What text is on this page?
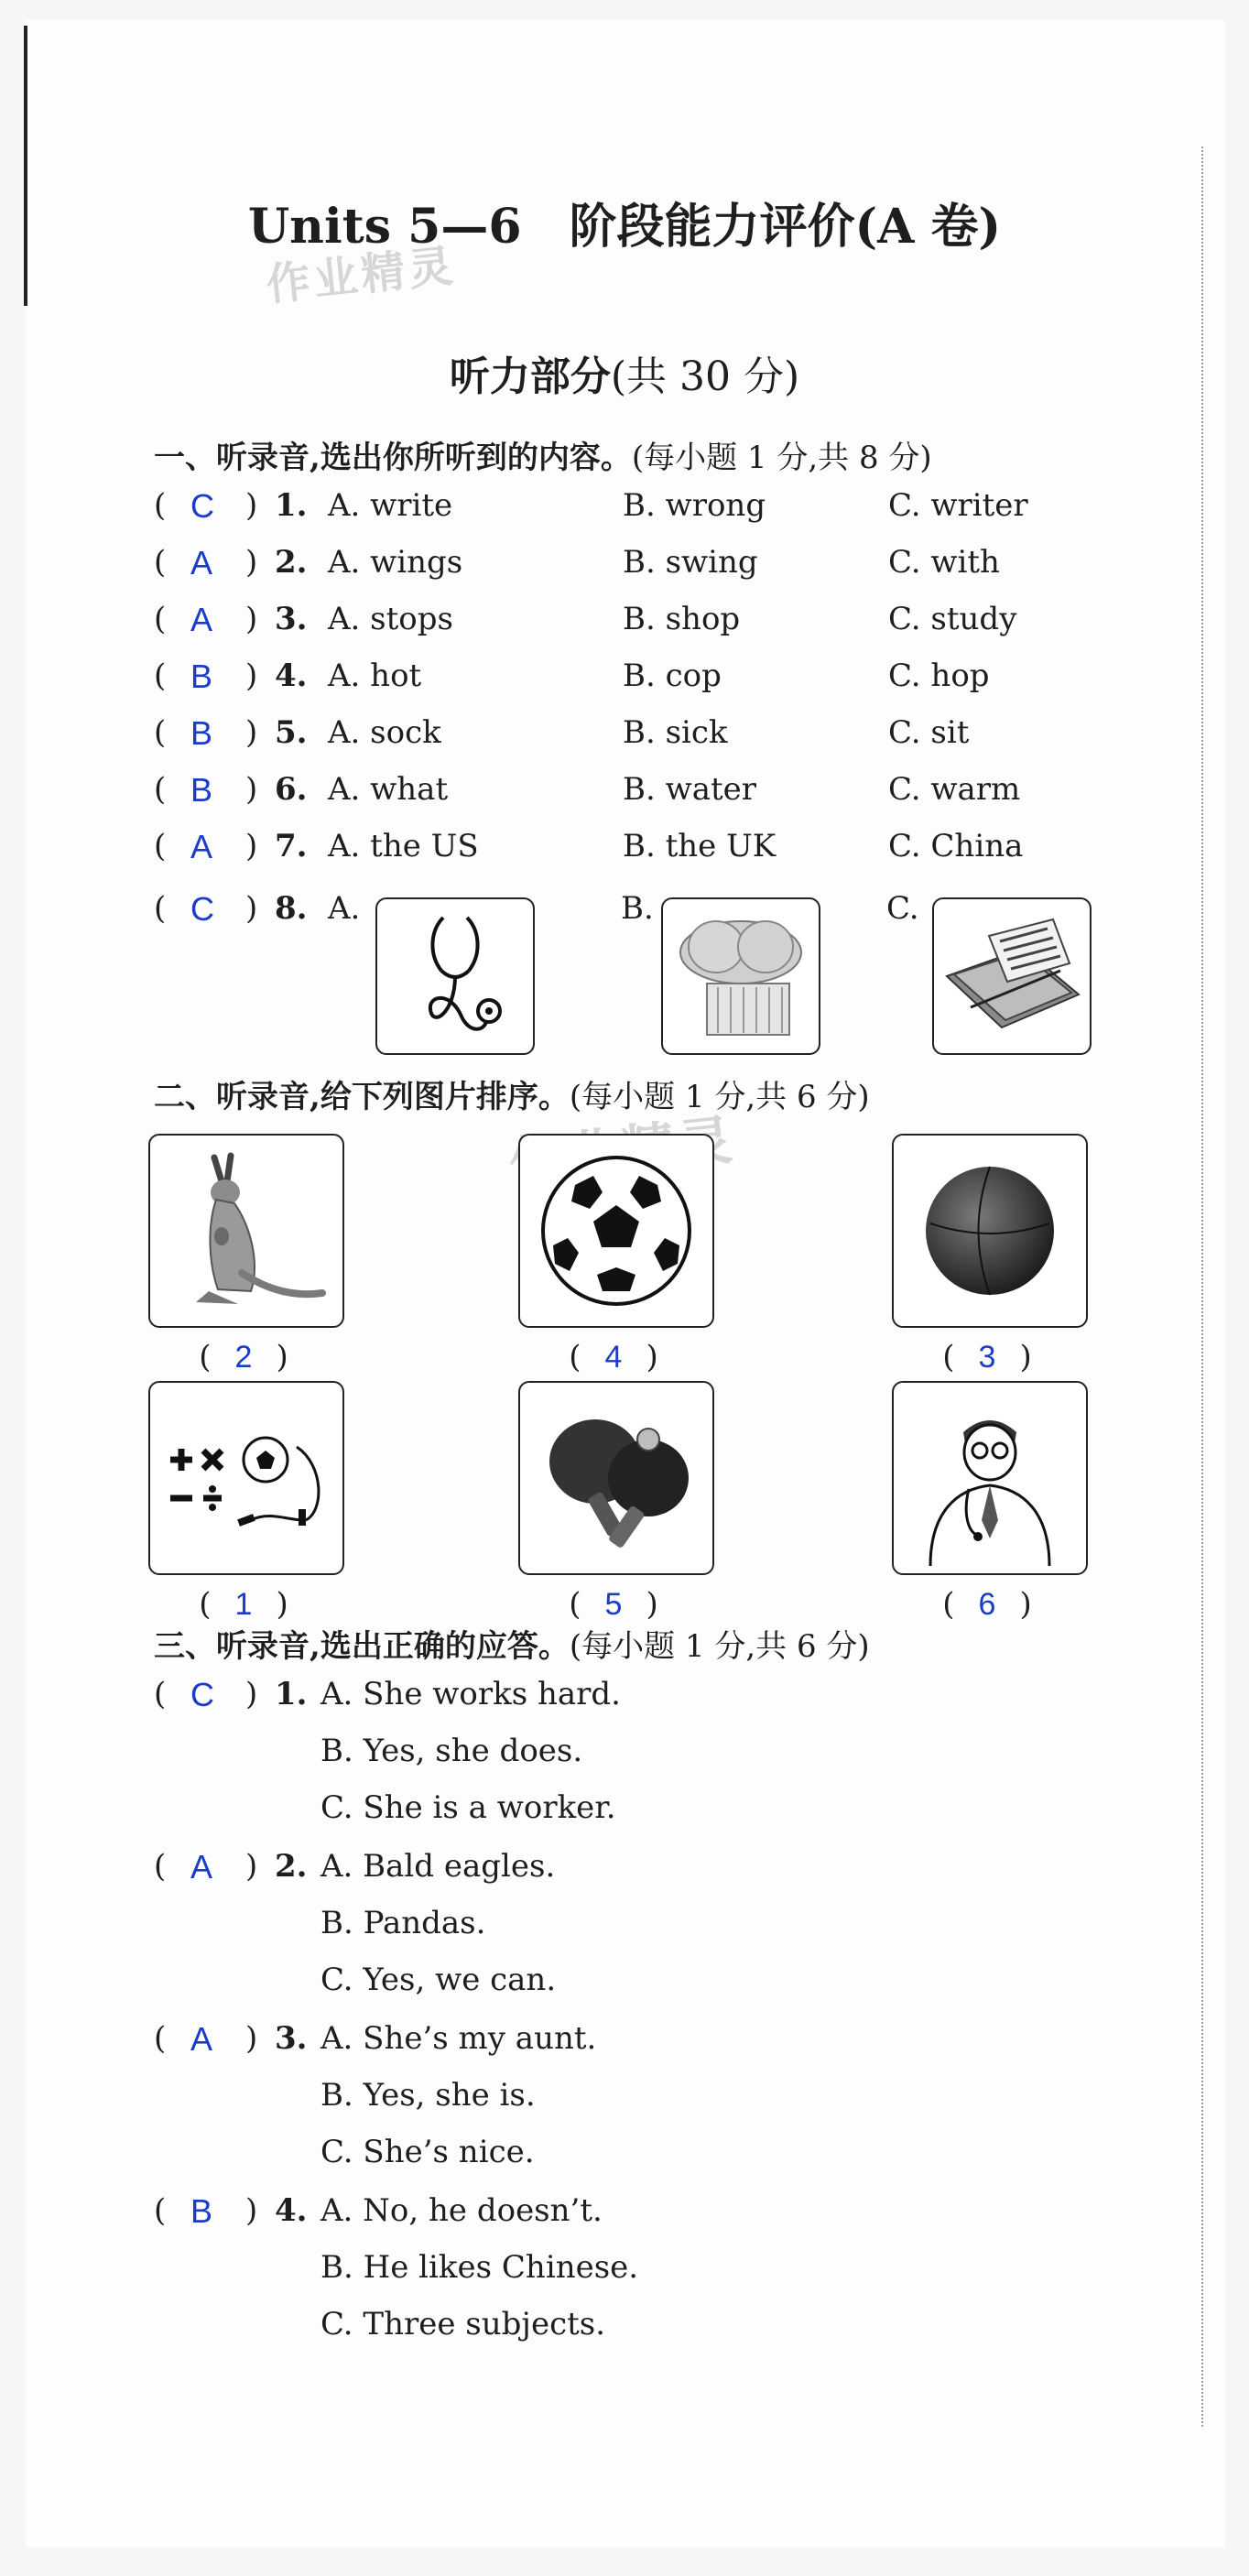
作业精灵
Units 5—6　阶段能力评价(A 卷)
听力部分(共 30 分)
一、听录音,选出你所听到的内容。(每小题 1 分,共 8 分)
( C ) 1. A. write	B. wrong	C. writer
( A ) 2. A. wings	B. swing	C. with
( A ) 3. A. stops	B. shop	C. study
( B ) 4. A. hot	B. cop	C. hop
( B ) 5. A. sock	B. sick	C. sit
( B ) 6. A. what	B. water	C. warm
( A ) 7. A. the US	B. the UK	C. China
( C ) 8. A.	B.	C.
二、听录音,给下列图片排序。(每小题 1 分,共 6 分)
( 2 )	( 4 )	( 3 )
( 1 )	( 5 )	( 6 )
三、听录音,选出正确的应答。(每小题 1 分,共 6 分)
( C ) 1.
( A ) 2.
( A ) 3.
( B ) 4.
A. She works hard.
B. Yes, she does.
C. She is a worker.
A. Bald eagles.
B. Pandas.
C. Yes, we can.
A. She’s my aunt.
B. Yes, she is.
C. She’s nice.
A. No, he doesn’t.
B. He likes Chinese.
C. Three subjects.
